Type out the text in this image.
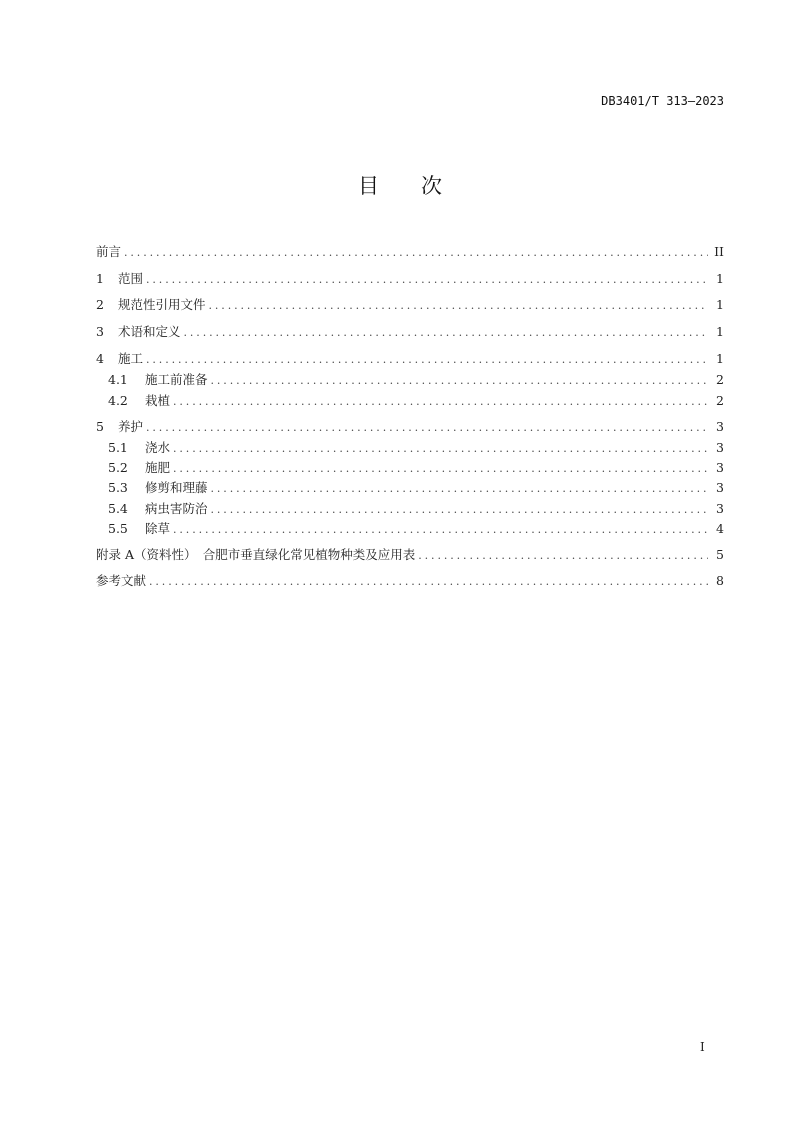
DB3401/T 313—2023
目 次
前言 .....	II
1	范围 .....	1
2	规范性引用文件 .....	1
3	术语和定义 .....	1
4	施工 .....	1
4.1	施工前准备 .....	2
4.2	栽植 .....	2
5	养护 .....	3
5.1	浇水 .....	3
5.2	施肥 .....	3
5.3	修剪和理藤 .....	3
5.4	病虫害防治 .....	3
5.5	除草 .....	4
附录 A（资料性）　合肥市垂直绿化常见植物种类及应用表 .....	5
参考文献 .....	8
I
